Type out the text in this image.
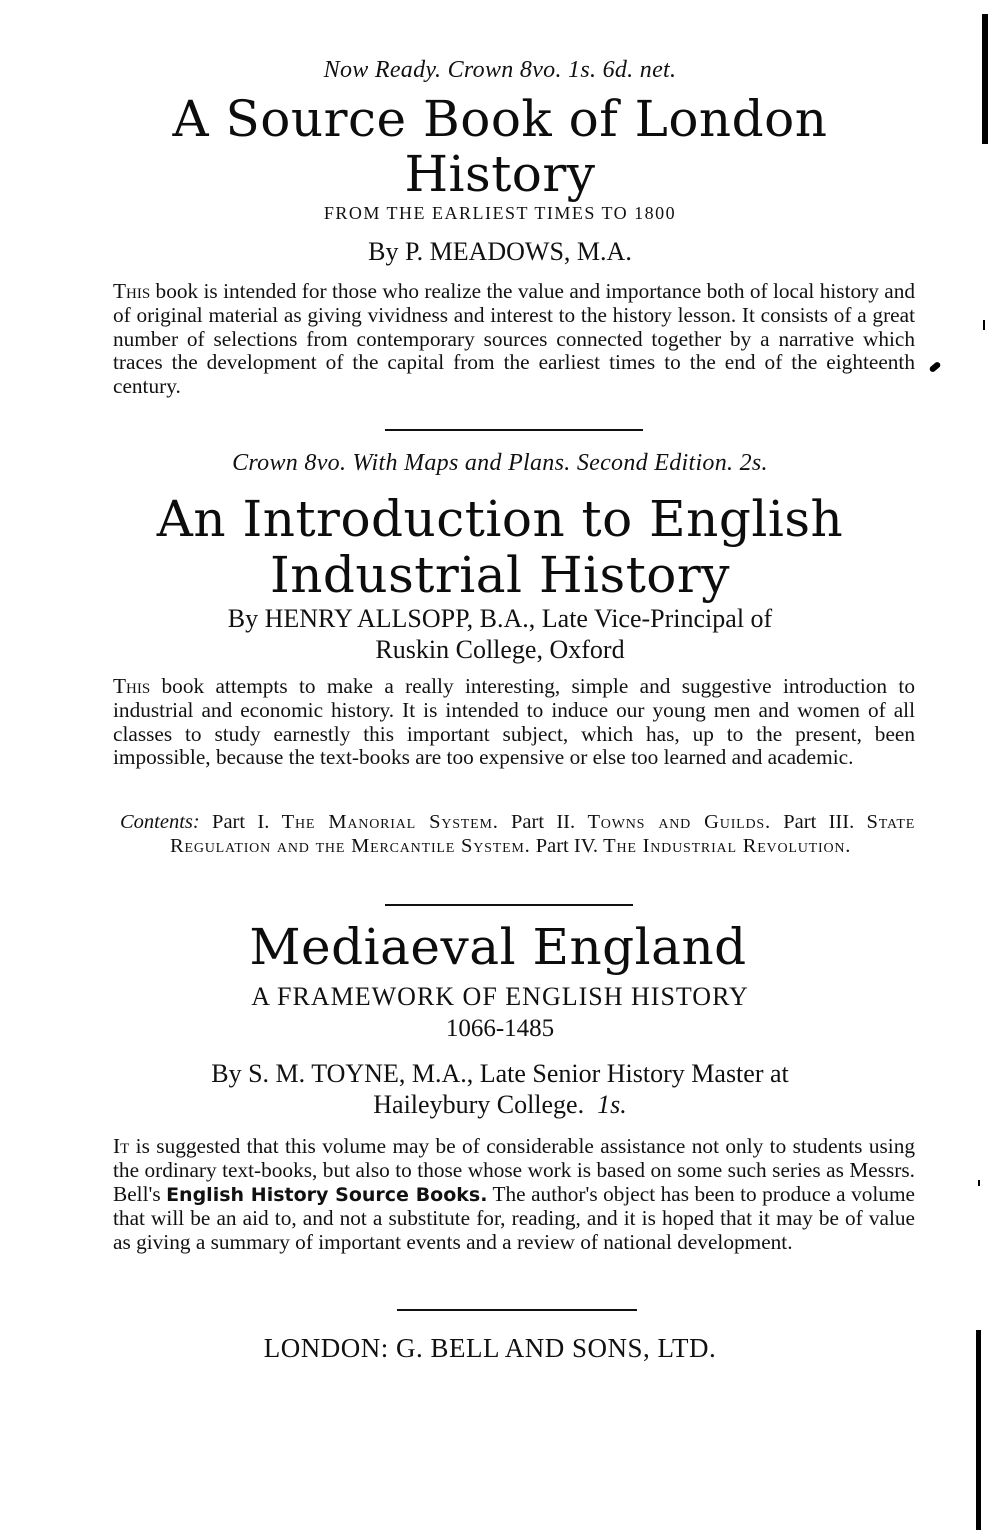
Now Ready. Crown 8vo. 1s. 6d. net.
A Source Book of London
History
FROM THE EARLIEST TIMES TO 1800
By P. MEADOWS, M.A.
This book is intended for those who realize the value and importance both of local history and of original material as giving vividness and interest to the history lesson. It consists of a great number of selections from contemporary sources connected together by a narrative which traces the development of the capital from the earliest times to the end of the eighteenth century.
Crown 8vo. With Maps and Plans. Second Edition. 2s.
An Introduction to English
Industrial History
By HENRY ALLSOPP, B.A., Late Vice-Principal of
Ruskin College, Oxford
This book attempts to make a really interesting, simple and suggestive introduction to industrial and economic history. It is intended to induce our young men and women of all classes to study earnestly this important subject, which has, up to the present, been impossible, because the text-books are too expensive or else too learned and academic.
Contents: Part I. The Manorial System. Part II. Towns and Guilds. Part III. State Regulation and the Mercantile System. Part IV. The Industrial Revolution.
Mediaeval England
A FRAMEWORK OF ENGLISH HISTORY
1066-1485
By S. M. TOYNE, M.A., Late Senior History Master at
Haileybury College. 1s.
It is suggested that this volume may be of considerable assistance not only to students using the ordinary text-books, but also to those whose work is based on some such series as Messrs. Bell's English History Source Books. The author's object has been to produce a volume that will be an aid to, and not a substitute for, reading, and it is hoped that it may be of value as giving a summary of important events and a review of national development.
LONDON: G. BELL AND SONS, LTD.
